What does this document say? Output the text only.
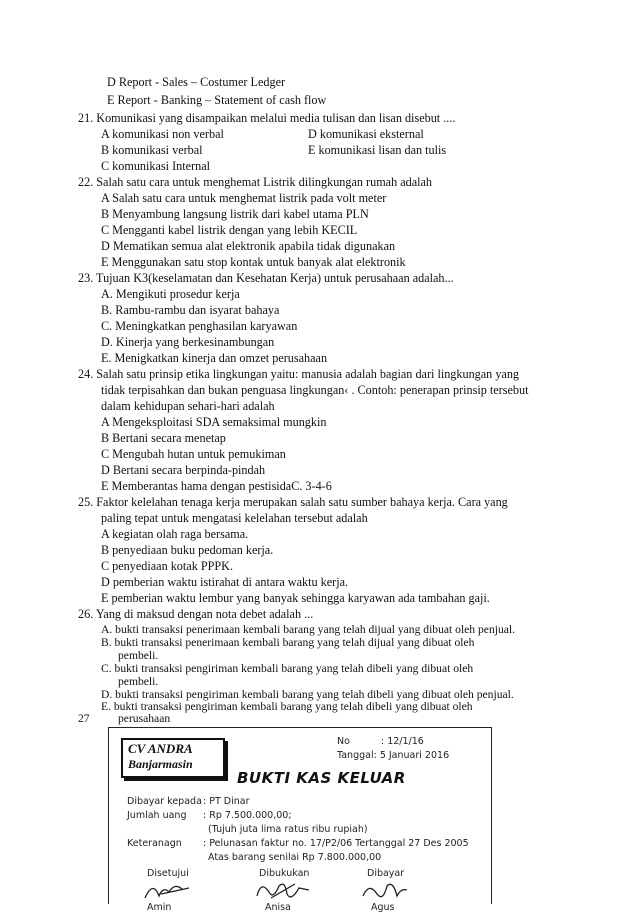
D Report - Sales – Costumer Ledger
E Report - Banking – Statement of cash flow
21. Komunikasi yang disampaikan melalui media tulisan dan lisan disebut ....
A komunikasi non verbal	D komunikasi eksternal
B komunikasi verbal	E komunikasi lisan dan tulis
C komunikasi Internal
22. Salah satu cara untuk menghemat Listrik dilingkungan rumah adalah
A Salah satu cara untuk menghemat listrik pada volt meter
B Menyambung langsung listrik dari kabel utama PLN
C Mengganti kabel listrik dengan yang lebih KECIL
D Mematikan semua alat elektronik apabila tidak digunakan
E Menggunakan satu stop kontak untuk banyak alat elektronik
23. Tujuan K3(keselamatan dan Kesehatan Kerja) untuk perusahaan adalah...
A. Mengikuti prosedur kerja
B. Rambu-rambu dan isyarat bahaya
C. Meningkatkan penghasilan karyawan
D. Kinerja yang berkesinambungan
E. Menigkatkan kinerja dan omzet perusahaan
24. Salah satu prinsip etika lingkungan yaitu: manusia adalah bagian dari lingkungan yang
tidak terpisahkan dan bukan penguasa lingkungan‹ . Contoh: penerapan prinsip tersebut
dalam kehidupan sehari-hari adalah
A Mengeksploitasi SDA semaksimal mungkin
B Bertani secara menetap
C Mengubah hutan untuk pemukiman
D Bertani secara berpinda-pindah
E Memberantas hama dengan pestisidaC. 3-4-6
25. Faktor kelelahan tenaga kerja merupakan salah satu sumber bahaya kerja. Cara yang
paling tepat untuk mengatasi kelelahan tersebut adalah
A kegiatan olah raga bersama.
B penyediaan buku pedoman kerja.
C penyediaan kotak PPPK.
D pemberian waktu istirahat di antara waktu kerja.
E pemberian waktu lembur yang banyak sehingga karyawan ada tambahan gaji.
26. Yang di maksud dengan nota debet adalah ...
A. bukti transaksi penerimaan kembali barang yang telah dijual yang dibuat oleh penjual.
B. bukti transaksi penerimaan kembali barang yang telah dijual yang dibuat oleh
pembeli.
C. bukti transaksi pengiriman kembali barang yang telah dibeli yang dibuat oleh
pembeli.
CV ANDRA
Banjarmasin
No	: 12/1/16
Tanggal: 5 Januari 2016
BUKTI KAS KELUAR
Dibayar kepada : PT Dinar
Jumlah uang : Rp 7.500.000,00;
(Tujuh juta lima ratus ribu rupiah)
Keteranagn : Pelunasan faktur no. 17/P2/06 Tertanggal 27 Des 2005
Atas barang senilai Rp 7.800.000,00
Disetujui	Dibukukan	Dibayar
Amin	Anisa	Agus
D. bukti transaksi pengiriman kembali barang yang telah dibeli yang dibuat oleh penjual.
E. bukti transaksi pengiriman kembali barang yang telah dibeli yang dibuat oleh
perusahaan
27
